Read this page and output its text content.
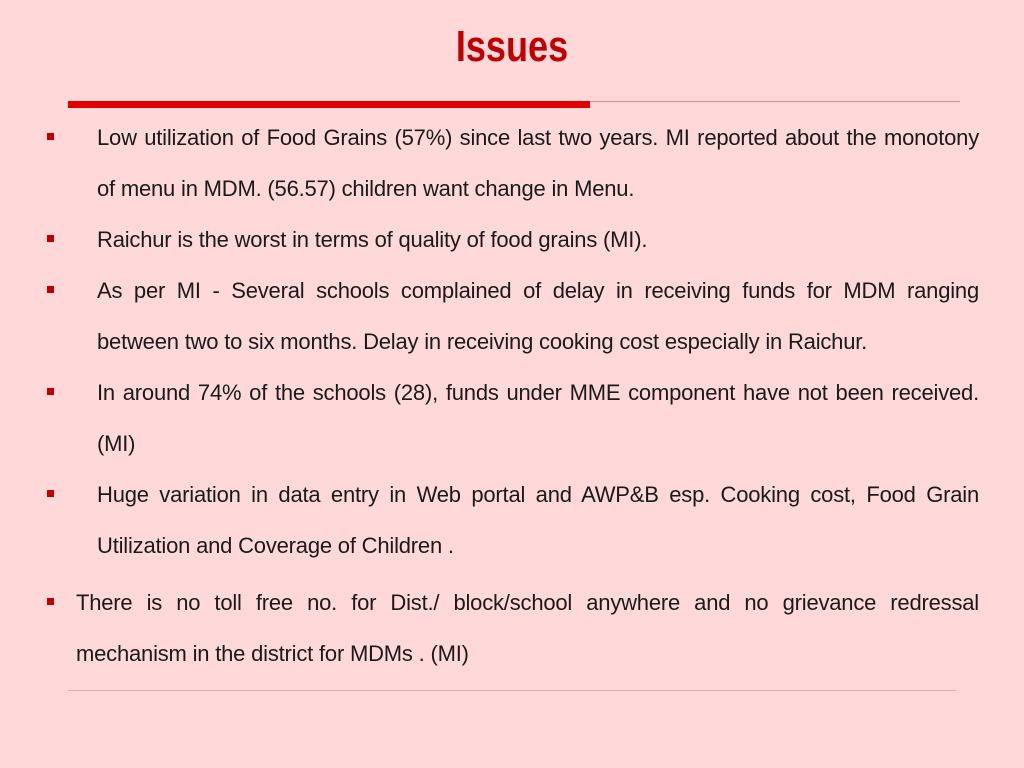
Issues
Low utilization of Food Grains (57%) since last two years. MI reported about the monotony of menu in MDM. (56.57) children want change in Menu.
Raichur is the worst in terms of quality of food grains (MI).
As per MI - Several schools complained of delay in receiving funds for MDM ranging between two to six months. Delay in receiving cooking cost especially in Raichur.
In around 74% of the schools (28), funds under MME component have not been received.(MI)
Huge variation in data entry in Web portal and AWP&B esp. Cooking cost, Food Grain Utilization and Coverage of Children .
There is no toll free no. for Dist./ block/school anywhere and no grievance redressal mechanism in the district for MDMs . (MI)
